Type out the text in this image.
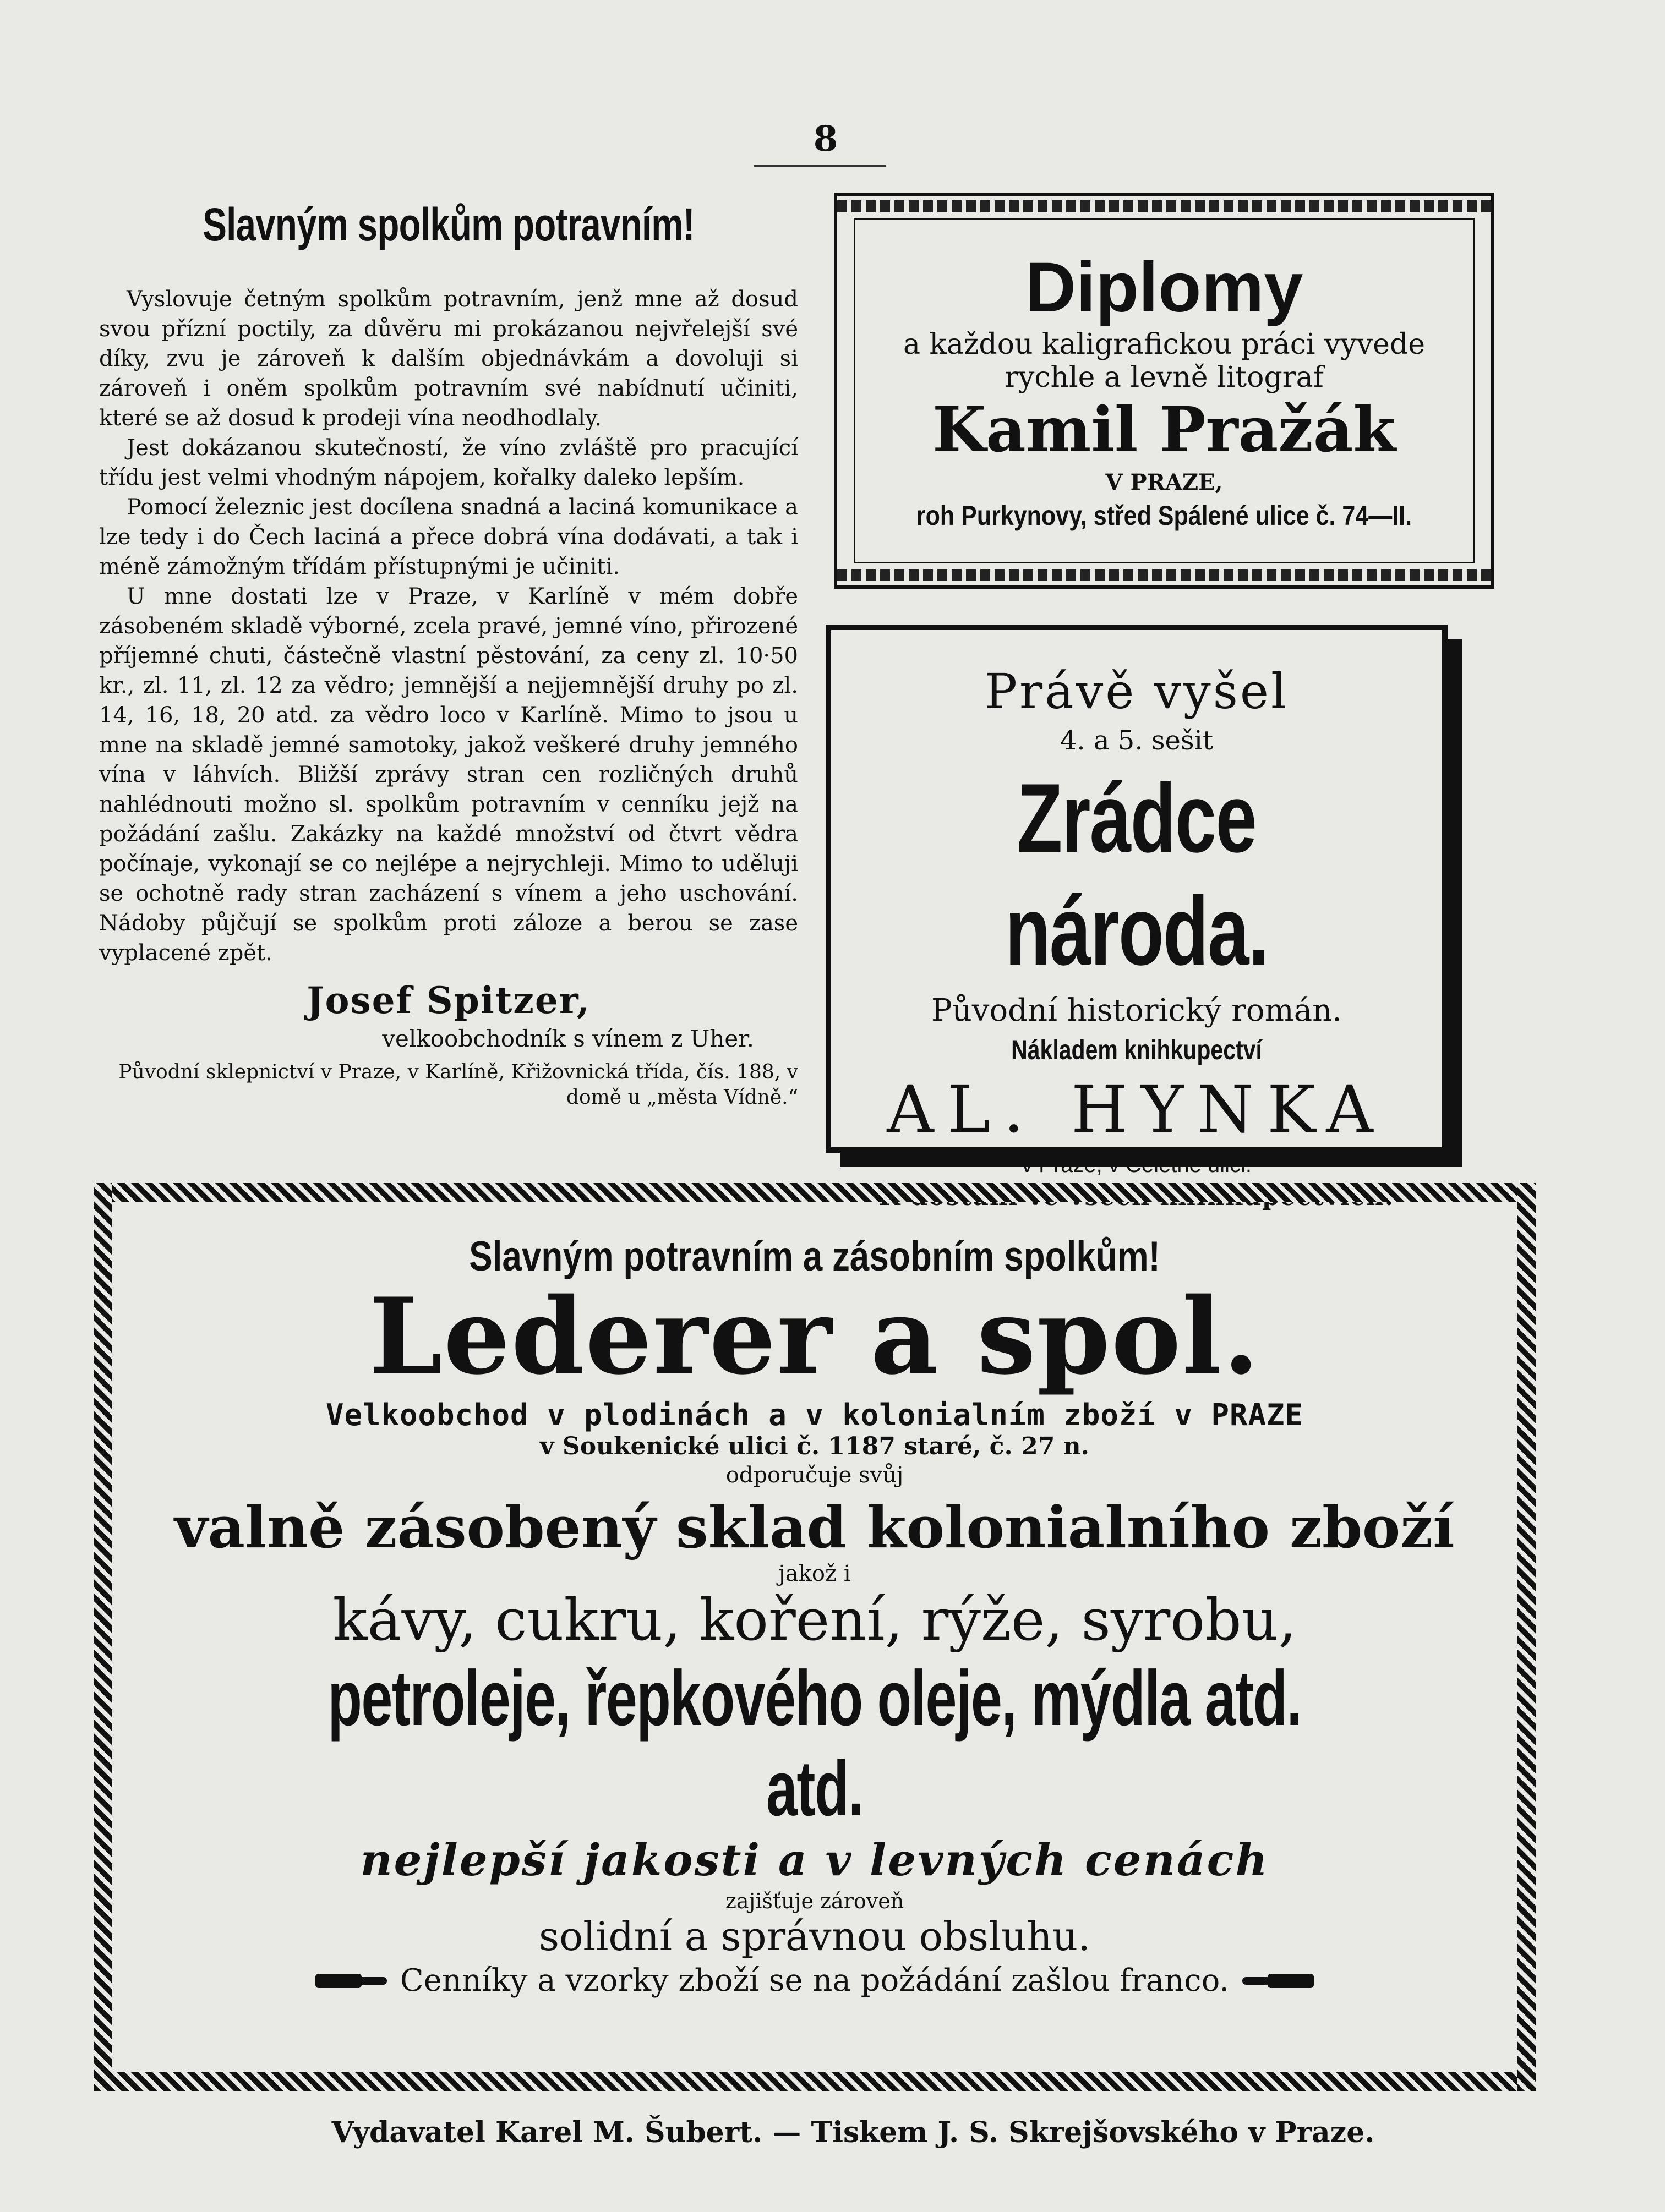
8
Slavným spolkům potravním!

Vyslovuje četným spolkům potravním, jenž mne až dosud svou přízní poctily, za důvěru mi prokázanou nejvřelejší své díky, zvu je zároveň k dalším objednávkám a dovoluji si zároveň i oněm spolkům potravním své nabídnutí učiniti, které se až dosud k prodeji vína neodhodlaly.

Jest dokázanou skutečností, že víno zvláště pro pracující třídu jest velmi vhodným nápojem, kořalky daleko lepším.

Pomocí železnic jest docílena snadná a laciná komunikace a lze tedy i do Čech laciná a přece dobrá vína dodávati, a tak i méně zámožným třídám přístupnými je učiniti.

U mne dostati lze v Praze, v Karlíně v mém dobře zásobeném skladě výborné, zcela pravé, jemné víno, přirozené příjemné chuti, částečně vlastní pěstování, za ceny zl. 10·50 kr., zl. 11, zl. 12 za vědro; jemnější a nejjemnější druhy po zl. 14, 16, 18, 20 atd. za vědro loco v Karlíně. Mimo to jsou u mne na skladě jemné samotoky, jakož veškeré druhy jemného vína v láhvích. Bližší zprávy stran cen rozličných druhů nahlédnouti možno sl. spolkům potravním v cenníku jejž na požádání zašlu. Zakázky na každé množství od čtvrt vědra počínaje, vykonají se co nejlépe a nejrychleji. Mimo to uděluji se ochotně rady stran zacházení s vínem a jeho uschování. Nádoby půjčují se spolkům proti záloze a berou se zase vyplacené zpět.

Josef Spitzer,
velkoobchodník s vínem z Uher.
Původní sklepnictví v Praze, v Karlíně, Křižovnická třída, čís. 188, v domě u „města Vídně.“
Diplomy
a každou kaligrafickou práci vyvede
rychle a levně litograf
Kamil Pražák
V PRAZE,
roh Purkynovy, střed Spálené ulice č. 74—II.
Právě vyšel
4. a 5. sešit
Zrádce národa.
Původní historický román.
Nákladem knihkupectví
AL. HYNKA
v Praze, v Celetné ulici.
Slavným potravním a zásobním spolkům!
Lederer a spol.
Velkoobchod v plodinách a v kolonialním zboží v PRAZE
v Soukenické ulici č. 1187 staré, č. 27 n.
odporučuje svůj
valně zásobený sklad kolonialního zboží
jakož i
kávy, cukru, koření, rýže, syrobu,
petroleje, řepkového oleje, mýdla atd. atd.
nejlepší jakosti a v levných cenách
zajišťuje zároveň
solidní a správnou obsluhu.
Cenníky a vzorky zboží se na požádání zašlou franco.
Vydavatel Karel M. Šubert. — Tiskem J. S. Skrejšovského v Praze.
